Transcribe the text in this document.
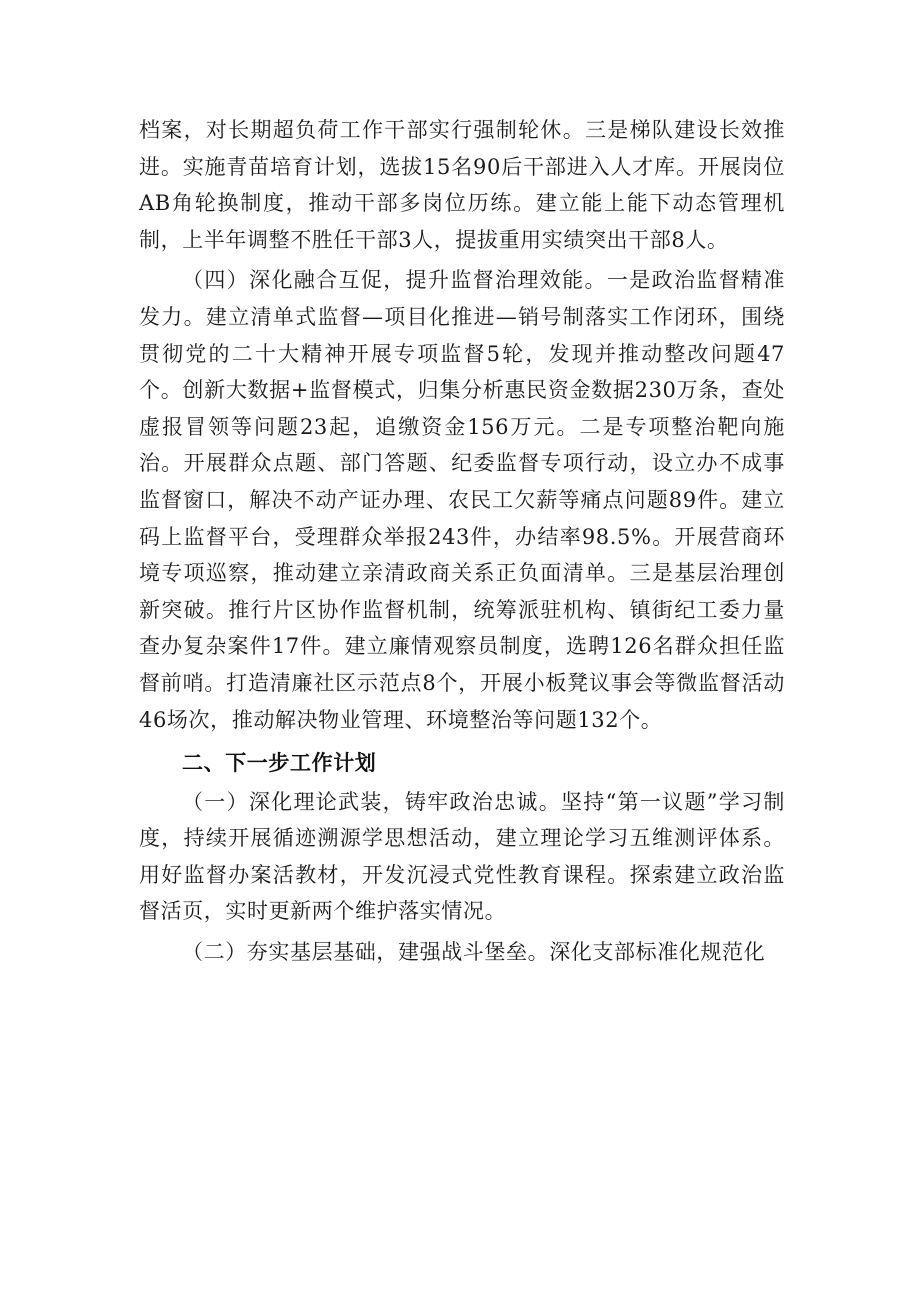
档案，对长期超负荷工作干部实行强制轮休。三是梯队建设长效推进。实施青苗培育计划，选拔15名90后干部进入人才库。开展岗位AB角轮换制度，推动干部多岗位历练。建立能上能下动态管理机制，上半年调整不胜任干部3人，提拔重用实绩突出干部8人。

（四）深化融合互促，提升监督治理效能。一是政治监督精准发力。建立清单式监督—项目化推进—销号制落实工作闭环，围绕贯彻党的二十大精神开展专项监督5轮，发现并推动整改问题47个。创新大数据+监督模式，归集分析惠民资金数据230万条，查处虚报冒领等问题23起，追缴资金156万元。二是专项整治靶向施治。开展群众点题、部门答题、纪委监督专项行动，设立办不成事监督窗口，解决不动产证办理、农民工欠薪等痛点问题89件。建立码上监督平台，受理群众举报243件，办结率98.5%。开展营商环境专项巡察，推动建立亲清政商关系正负面清单。三是基层治理创新突破。推行片区协作监督机制，统筹派驻机构、镇街纪工委力量查办复杂案件17件。建立廉情观察员制度，选聘126名群众担任监督前哨。打造清廉社区示范点8个，开展小板凳议事会等微监督活动46场次，推动解决物业管理、环境整治等问题132个。

二、下一步工作计划

（一）深化理论武装，铸牢政治忠诚。坚持“第一议题”学习制度，持续开展循迹溯源学思想活动，建立理论学习五维测评体系。用好监督办案活教材，开发沉浸式党性教育课程。探索建立政治监督活页，实时更新两个维护落实情况。

（二）夯实基层基础，建强战斗堡垒。深化支部标准化规范化
